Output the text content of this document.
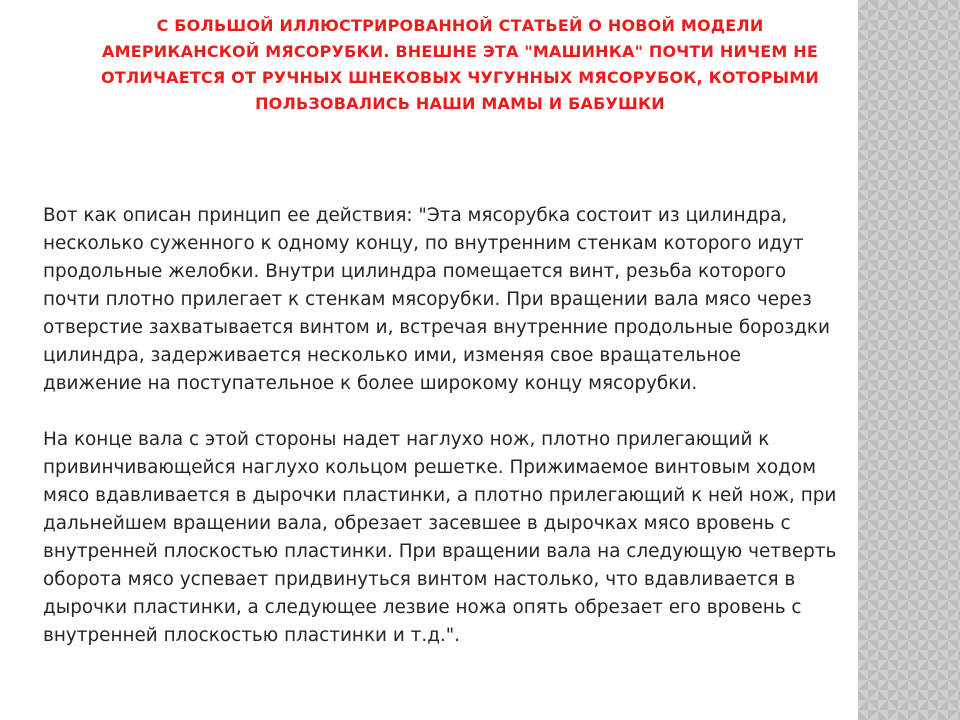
С БОЛЬШОЙ ИЛЛЮСТРИРОВАННОЙ СТАТЬЕЙ О НОВОЙ МОДЕЛИ АМЕРИКАНСКОЙ МЯСОРУБКИ. ВНЕШНЕ ЭТА "МАШИНКА" ПОЧТИ НИЧЕМ НЕ ОТЛИЧАЕТСЯ ОТ РУЧНЫХ ШНЕКОВЫХ ЧУГУННЫХ МЯСОРУБОК, КОТОРЫМИ ПОЛЬЗОВАЛИСЬ НАШИ МАМЫ И БАБУШКИ

Вот как описан принцип ее действия: "Эта мясорубка состоит из цилиндра, несколько суженного к одному концу, по внутренним стенкам которого идут продольные желобки. Внутри цилиндра помещается винт, резьба которого почти плотно прилегает к стенкам мясорубки. При вращении вала мясо через отверстие захватывается винтом и, встречая внутренние продольные бороздки цилиндра, задерживается несколько ими, изменяя свое вращательное движение на поступательное к более широкому концу мясорубки.

На конце вала с этой стороны надет наглухо нож, плотно прилегающий к привинчивающейся наглухо кольцом решетке. Прижимаемое винтовым ходом мясо вдавливается в дырочки пластинки, а плотно прилегающий к ней нож, при дальнейшем вращении вала, обрезает засевшее в дырочках мясо вровень с внутренней плоскостью пластинки. При вращении вала на следующую четверть оборота мясо успевает придвинуться винтом настолько, что вдавливается в дырочки пластинки, а следующее лезвие ножа опять обрезает его вровень с внутренней плоскостью пластинки и т.д.".
